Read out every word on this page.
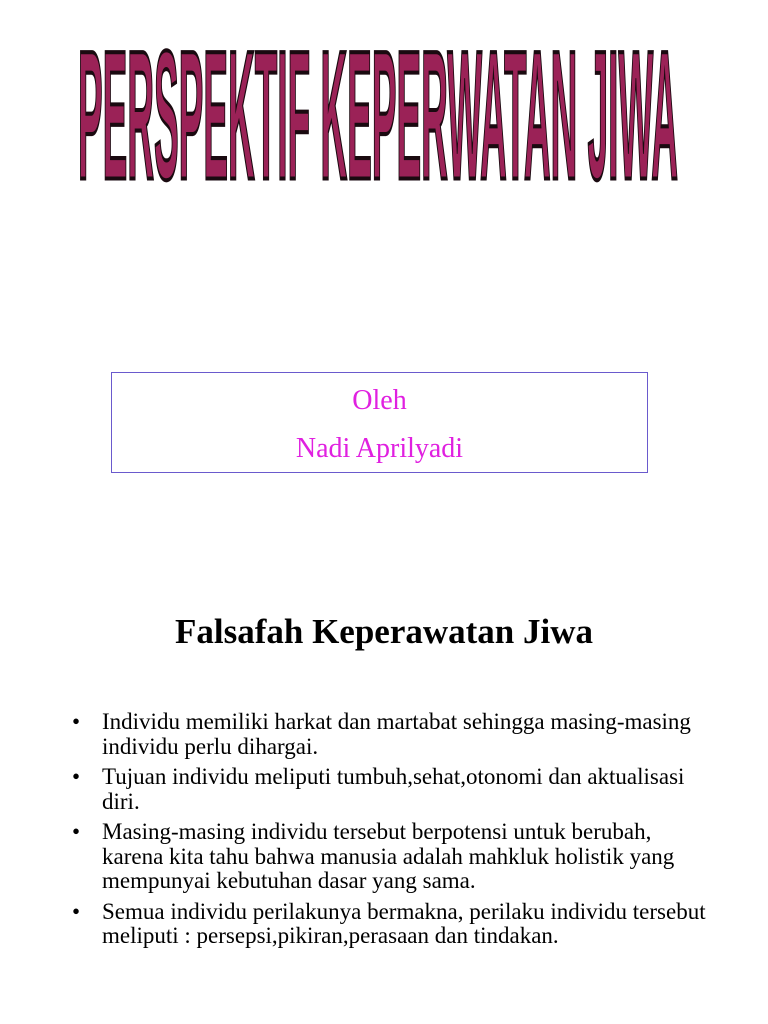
PERSPEKTIF KEPERWATAN JIWA
Oleh
Nadi Aprilyadi
Falsafah Keperawatan Jiwa
• Individu memiliki harkat dan martabat sehingga masing-masing individu perlu dihargai.
• Tujuan individu meliputi tumbuh,sehat,otonomi dan aktualisasi diri.
• Masing-masing individu tersebut berpotensi untuk berubah, karena kita tahu bahwa manusia adalah mahkluk holistik yang mempunyai kebutuhan dasar yang sama.
• Semua individu perilakunya bermakna, perilaku individu tersebut meliputi : persepsi,pikiran,perasaan dan tindakan.
